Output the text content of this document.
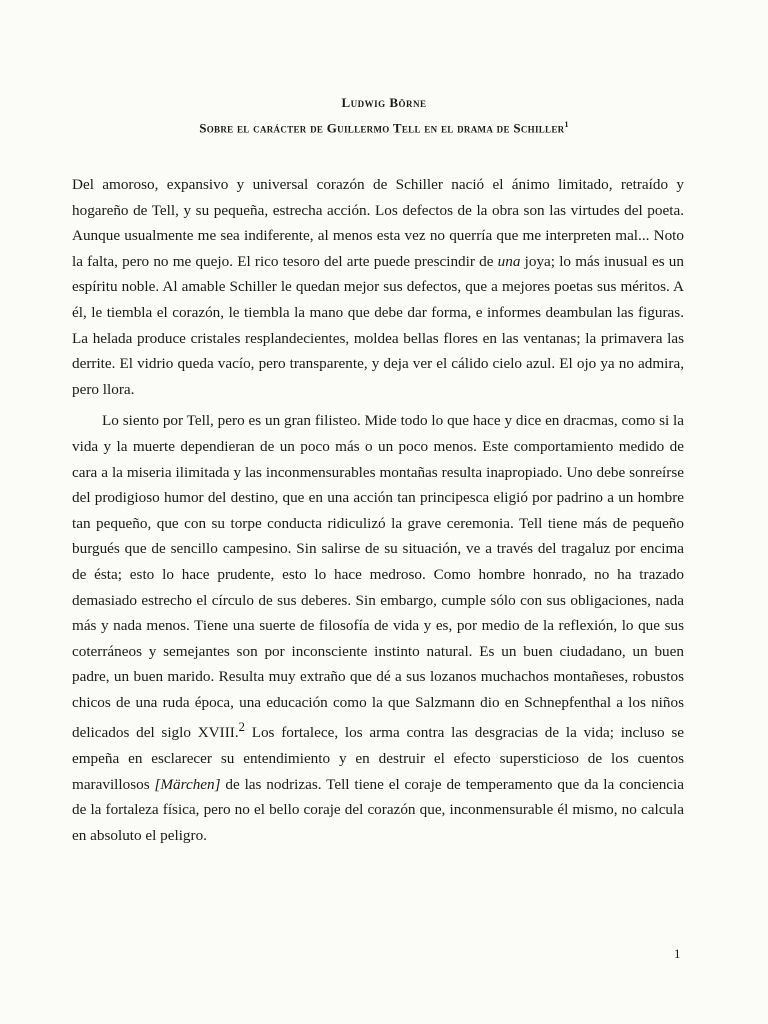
Ludwig Börne
Sobre el carácter de Guillermo Tell en el drama de Schiller$^1$

Del amoroso, expansivo y universal corazón de Schiller nació el ánimo limitado, retraído y hogareño de Tell, y su pequeña, estrecha acción. Los defectos de la obra son las virtudes del poeta. Aunque usualmente me sea indiferente, al menos esta vez no querría que me interpreten mal... Noto la falta, pero no me quejo. El rico tesoro del arte puede prescindir de una joya; lo más inusual es un espíritu noble. Al amable Schiller le quedan mejor sus defectos, que a mejores poetas sus méritos. A él, le tiembla el corazón, le tiembla la mano que debe dar forma, e informes deambulan las figuras. La helada produce cristales resplandecientes, moldea bellas flores en las ventanas; la primavera las derrite. El vidrio queda vacío, pero transparente, y deja ver el cálido cielo azul. El ojo ya no admira, pero llora.

Lo siento por Tell, pero es un gran filisteo. Mide todo lo que hace y dice en dracmas, como si la vida y la muerte dependieran de un poco más o un poco menos. Este comportamiento medido de cara a la miseria ilimitada y las inconmensurables montañas resulta inapropiado. Uno debe sonreírse del prodigioso humor del destino, que en una acción tan principesca eligió por padrino a un hombre tan pequeño, que con su torpe conducta ridiculizó la grave ceremonia. Tell tiene más de pequeño burgués que de sencillo campesino. Sin salirse de su situación, ve a través del tragaluz por encima de ésta; esto lo hace prudente, esto lo hace medroso. Como hombre honrado, no ha trazado demasiado estrecho el círculo de sus deberes. Sin embargo, cumple sólo con sus obligaciones, nada más y nada menos. Tiene una suerte de filosofía de vida y es, por medio de la reflexión, lo que sus coterráneos y semejantes son por inconsciente instinto natural. Es un buen ciudadano, un buen padre, un buen marido. Resulta muy extraño que dé a sus lozanos muchachos montañeses, robustos chicos de una ruda época, una educación como la que Salzmann dio en Schnepfenthal a los niños delicados del siglo XVIII.$^2$ Los fortalece, los arma contra las desgracias de la vida; incluso se empeña en esclarecer su entendimiento y en destruir el efecto supersticioso de los cuentos maravillosos [Märchen] de las nodrizas. Tell tiene el coraje de temperamento que da la conciencia de la fortaleza física, pero no el bello coraje del corazón que, inconmensurable él mismo, no calcula en absoluto el peligro.

1
